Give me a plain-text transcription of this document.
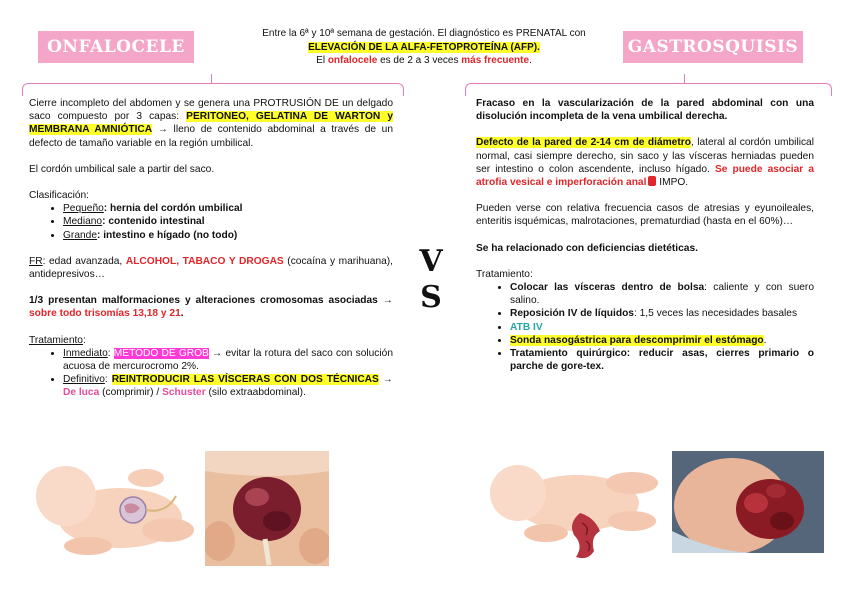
ONFALOCELE	GASTROSQUISIS
Entre la 6ª y 10ª semana de gestación. El diagnóstico es PRENATAL con
ELEVACIÓN DE LA ALFA-FETOPROTEÍNA (AFP).
El onfalocele es de 2 a 3 veces más frecuente.

Cierre incompleto del abdomen y se genera una PROTRUSIÓN DE un delgado saco compuesto por 3 capas: PERITONEO, GELATINA DE WARTON y MEMBRANA AMNIÓTICA → lleno de contenido abdominal a través de un defecto de tamaño variable en la región umbilical.

El cordón umbilical sale a partir del saco.

Clasificación:
• Pequeño: hernia del cordón umbilical
• Mediano: contenido intestinal
• Grande: intestino e hígado (no todo)

FR: edad avanzada, ALCOHOL, TABACO Y DROGAS (cocaína y marihuana), antidepresivos…

1/3 presentan malformaciones y alteraciones cromosomas asociadas → sobre todo trisomías 13,18 y 21.

Tratamiento:
• Inmediato: MÉTODO DE GROB → evitar la rotura del saco con solución acuosa de mercurocromo 2%.
• Definitivo: REINTRODUCIR LAS VÍSCERAS CON DOS TÉCNICAS → De luca (comprimir) / Schuster (silo extraabdominal).
V
S

Fracaso en la vascularización de la pared abdominal con una disolución incompleta de la vena umbilical derecha.

Defecto de la pared de 2-14 cm de diámetro, lateral al cordón umbilical normal, casi siempre derecho, sin saco y las vísceras herniadas pueden ser intestino o colon ascendente, incluso hígado. Se puede asociar a atrofia vesical e imperforación anal IMPO.

Pueden verse con relativa frecuencia casos de atresias y eyunoileales, enteritis isquémicas, malrotaciones, prematurdiad (hasta en el 60%)…

Se ha relacionado con deficiencias dietéticas.

Tratamiento:
• Colocar las vísceras dentro de bolsa: caliente y con suero salino.
• Reposición IV de líquidos: 1,5 veces las necesidades basales
• ATB IV
• Sonda nasogástrica para descomprimir el estómago.
• Tratamiento quirúrgico: reducir asas, cierres primario o parche de gore-tex.
